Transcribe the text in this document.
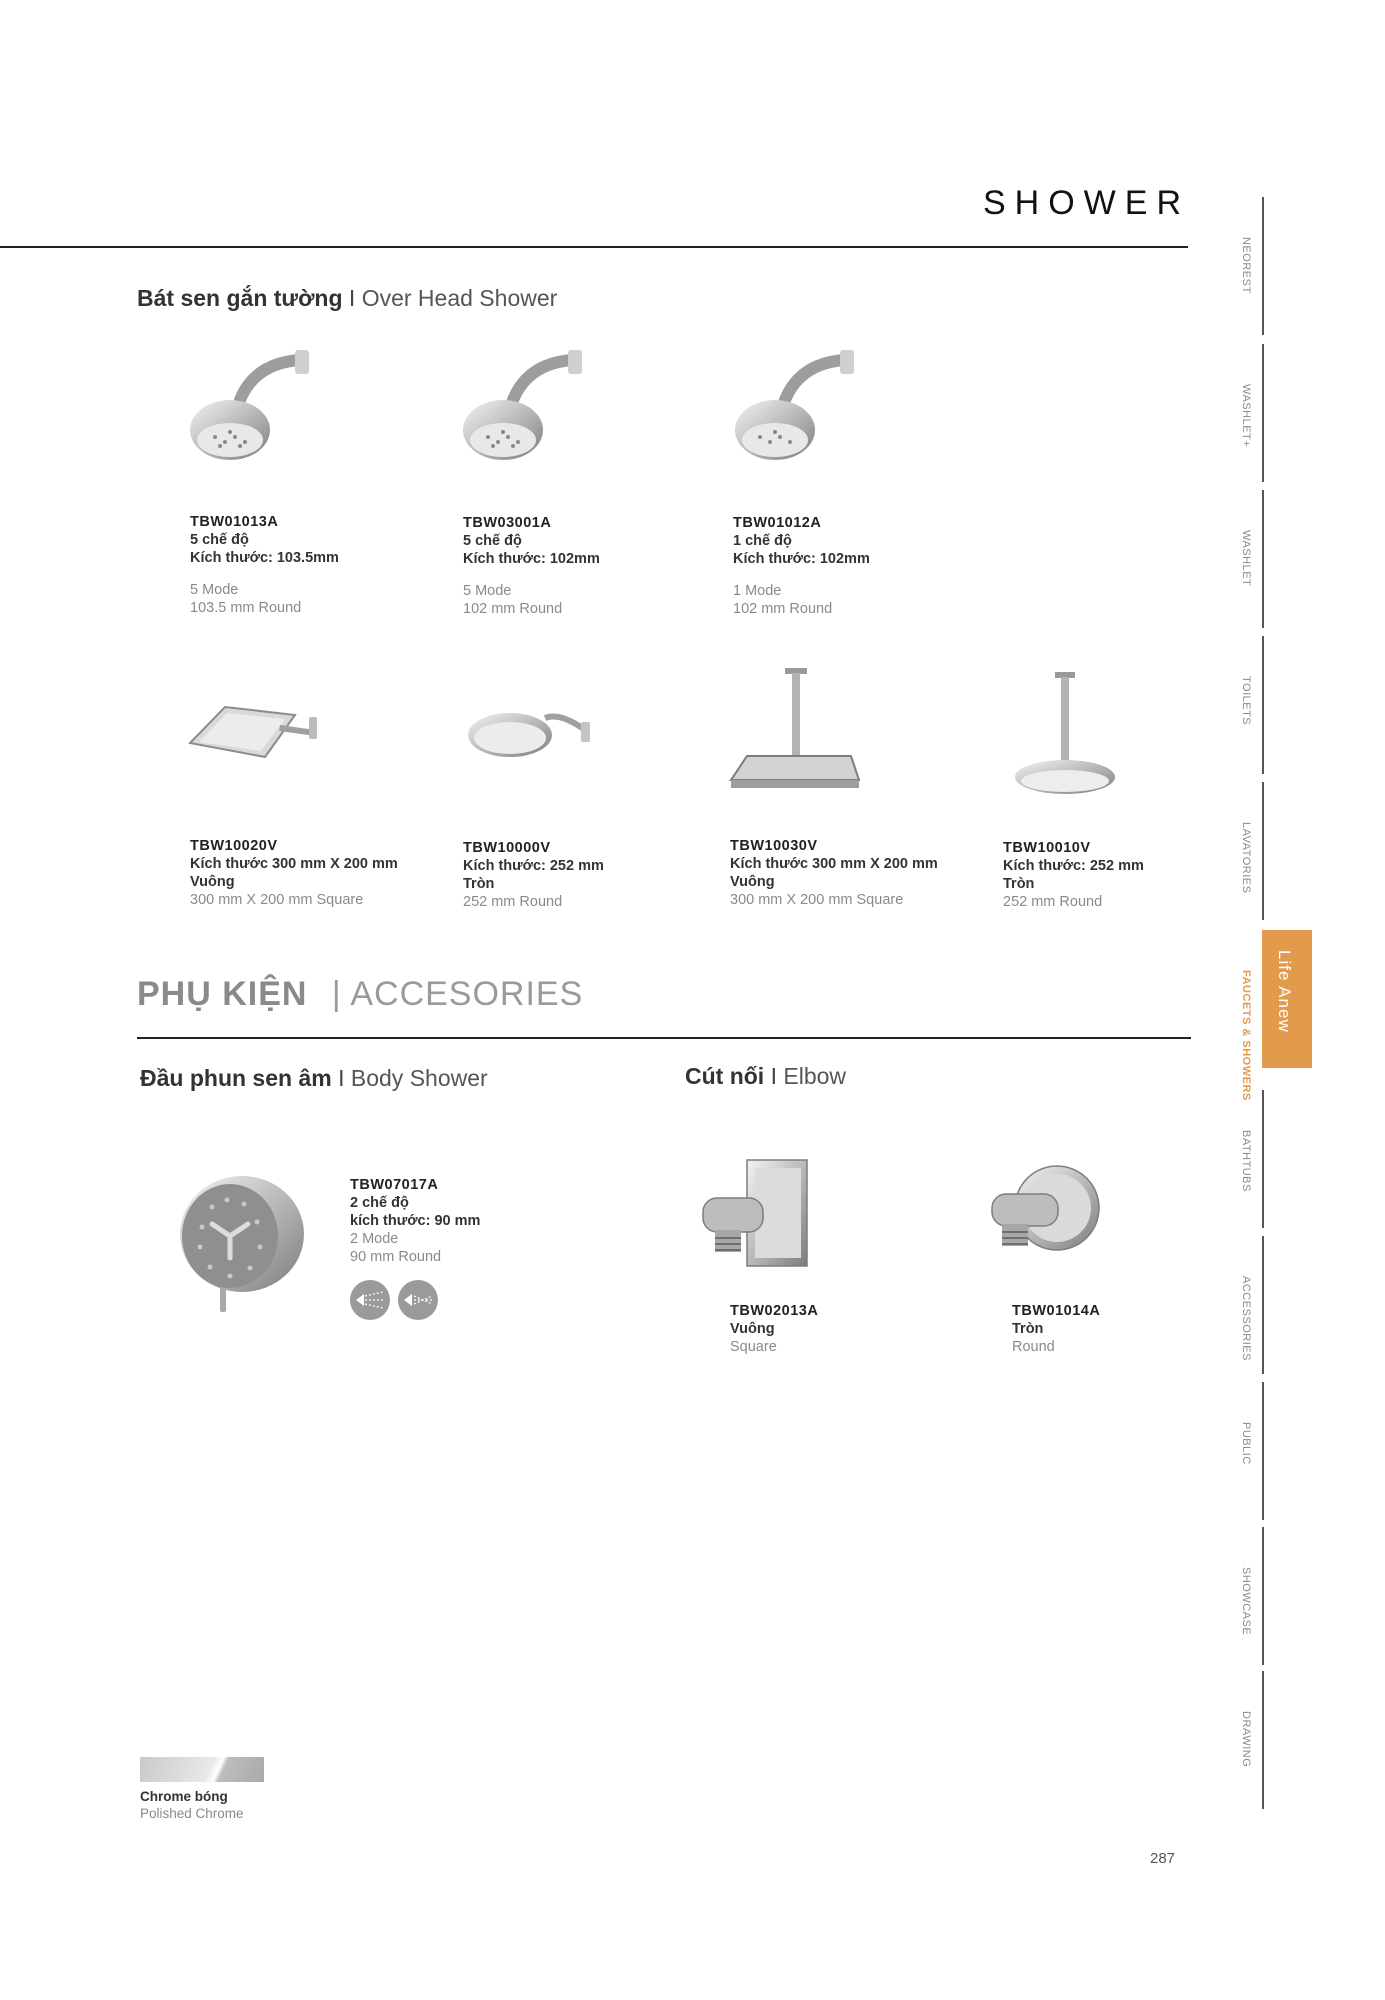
SHOWER
Bát sen gắn tường I Over Head Shower
TBW01013A
5 chế độ
Kích thước: 103.5mm
5 Mode
103.5 mm Round
TBW03001A
5 chế độ
Kích thước: 102mm
5 Mode
102 mm Round
TBW01012A
1 chế độ
Kích thước: 102mm
1 Mode
102 mm Round
TBW10020V
Kích thước 300 mm X 200 mm
Vuông
300 mm X 200 mm Square
TBW10000V
Kích thước: 252 mm
Tròn
252 mm Round
TBW10030V
Kích thước 300 mm X 200 mm
Vuông
300 mm X 200 mm Square
TBW10010V
Kích thước: 252 mm
Tròn
252 mm Round
PHỤ KIỆN | ACCESORIES
Đầu phun sen âm I Body Shower
TBW07017A
2 chế độ
kích thước: 90 mm
2 Mode
90 mm Round
Cút nối I Elbow
TBW02013A
Vuông
Square
TBW01014A
Tròn
Round
Chrome bóng
Polished Chrome
287
NEOREST
WASHLET+
WASHLET
TOILETS
LAVATORIES
FAUCETS & SHOWERS
BATHTUBS
ACCESSORIES
PUBLIC
SHOWCASE
DRAWING
Life Anew
